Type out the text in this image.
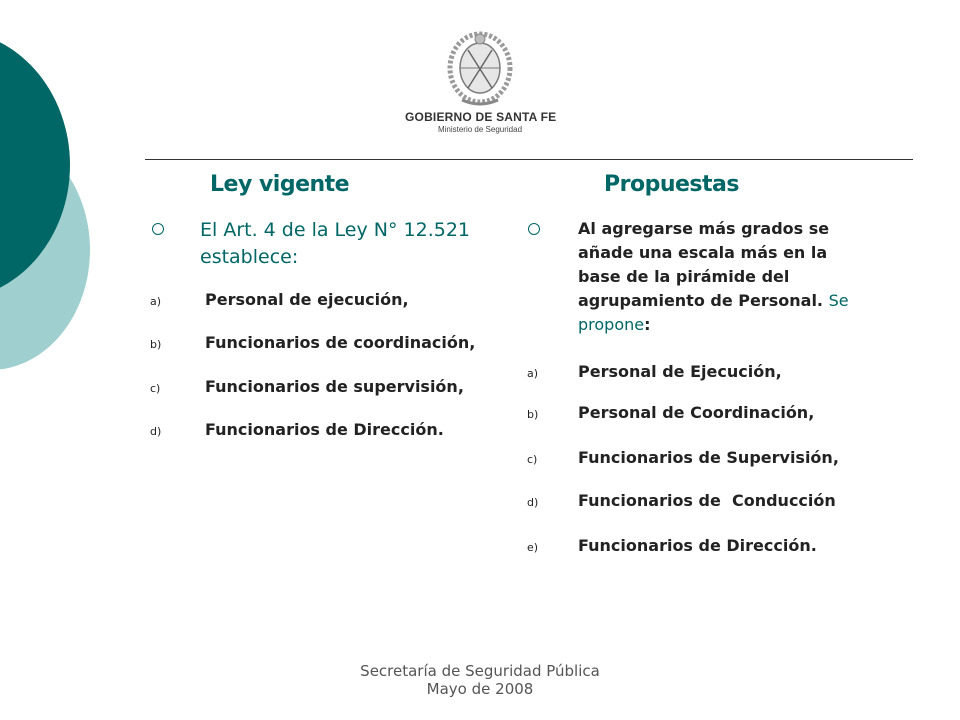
GOBIERNO DE SANTA FE
Ministerio de Seguridad
Ley vigente
El Art. 4 de la Ley N° 12.521
establece:
a)	Personal de ejecución,
b)	Funcionarios de coordinación,
c)	Funcionarios de supervisión,
d)	Funcionarios de Dirección.
Propuestas
Al agregarse más grados se
añade una escala más en la
base de la pirámide del
agrupamiento de Personal. Se
propone:
a)	Personal de Ejecución,
b)	Personal de Coordinación,
c)	Funcionarios de Supervisión,
d)	Funcionarios de  Conducción
e)	Funcionarios de Dirección.
Secretaría de Seguridad Pública
Mayo de 2008
